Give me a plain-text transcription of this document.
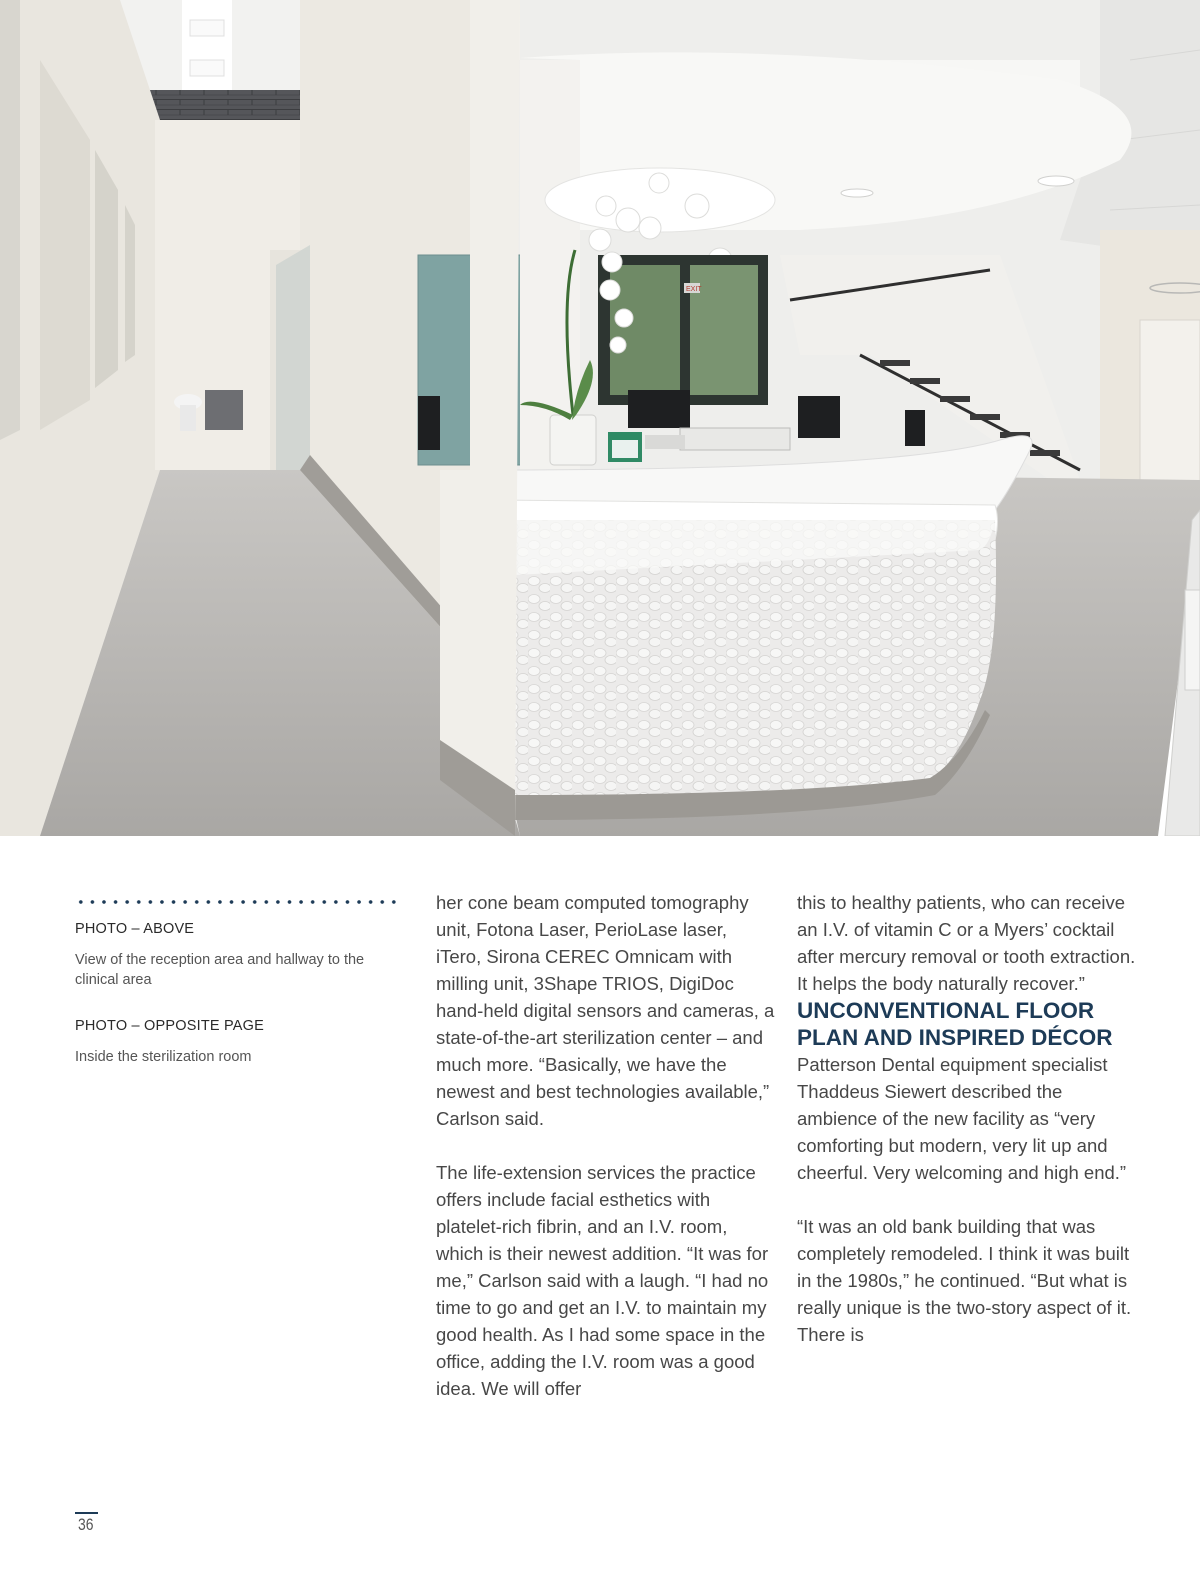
EXIT
PHOTO – ABOVE
View of the reception area and hallway to the clinical area
PHOTO – OPPOSITE PAGE
Inside the sterilization room

her cone beam computed tomography unit, Fotona Laser, PerioLase laser, iTero, Sirona CEREC Omnicam with milling unit, 3Shape TRIOS, DigiDoc hand-held digital sensors and cameras, a state-of-the-art sterilization center – and much more. “Basically, we have the newest and best technologies available,” Carlson said.

The life-extension services the practice offers include facial esthetics with platelet-rich fibrin, and an I.V. room, which is their newest addition. “It was for me,” Carlson said with a laugh. “I had no time to go and get an I.V. to maintain my good health. As I had some space in the office, adding the I.V. room was a good idea. We will offer

this to healthy patients, who can receive an I.V. of vitamin C or a Myers’ cocktail after mercury removal or tooth extraction. It helps the body naturally recover.”

UNCONVENTIONAL FLOOR PLAN AND INSPIRED DÉCOR

Patterson Dental equipment specialist Thaddeus Siewert described the ambience of the new facility as “very comforting but modern, very lit up and cheerful. Very welcoming and high end.”

“It was an old bank building that was completely remodeled. I think it was built in the 1980s,” he continued. “But what is really unique is the two-story aspect of it. There is

36
